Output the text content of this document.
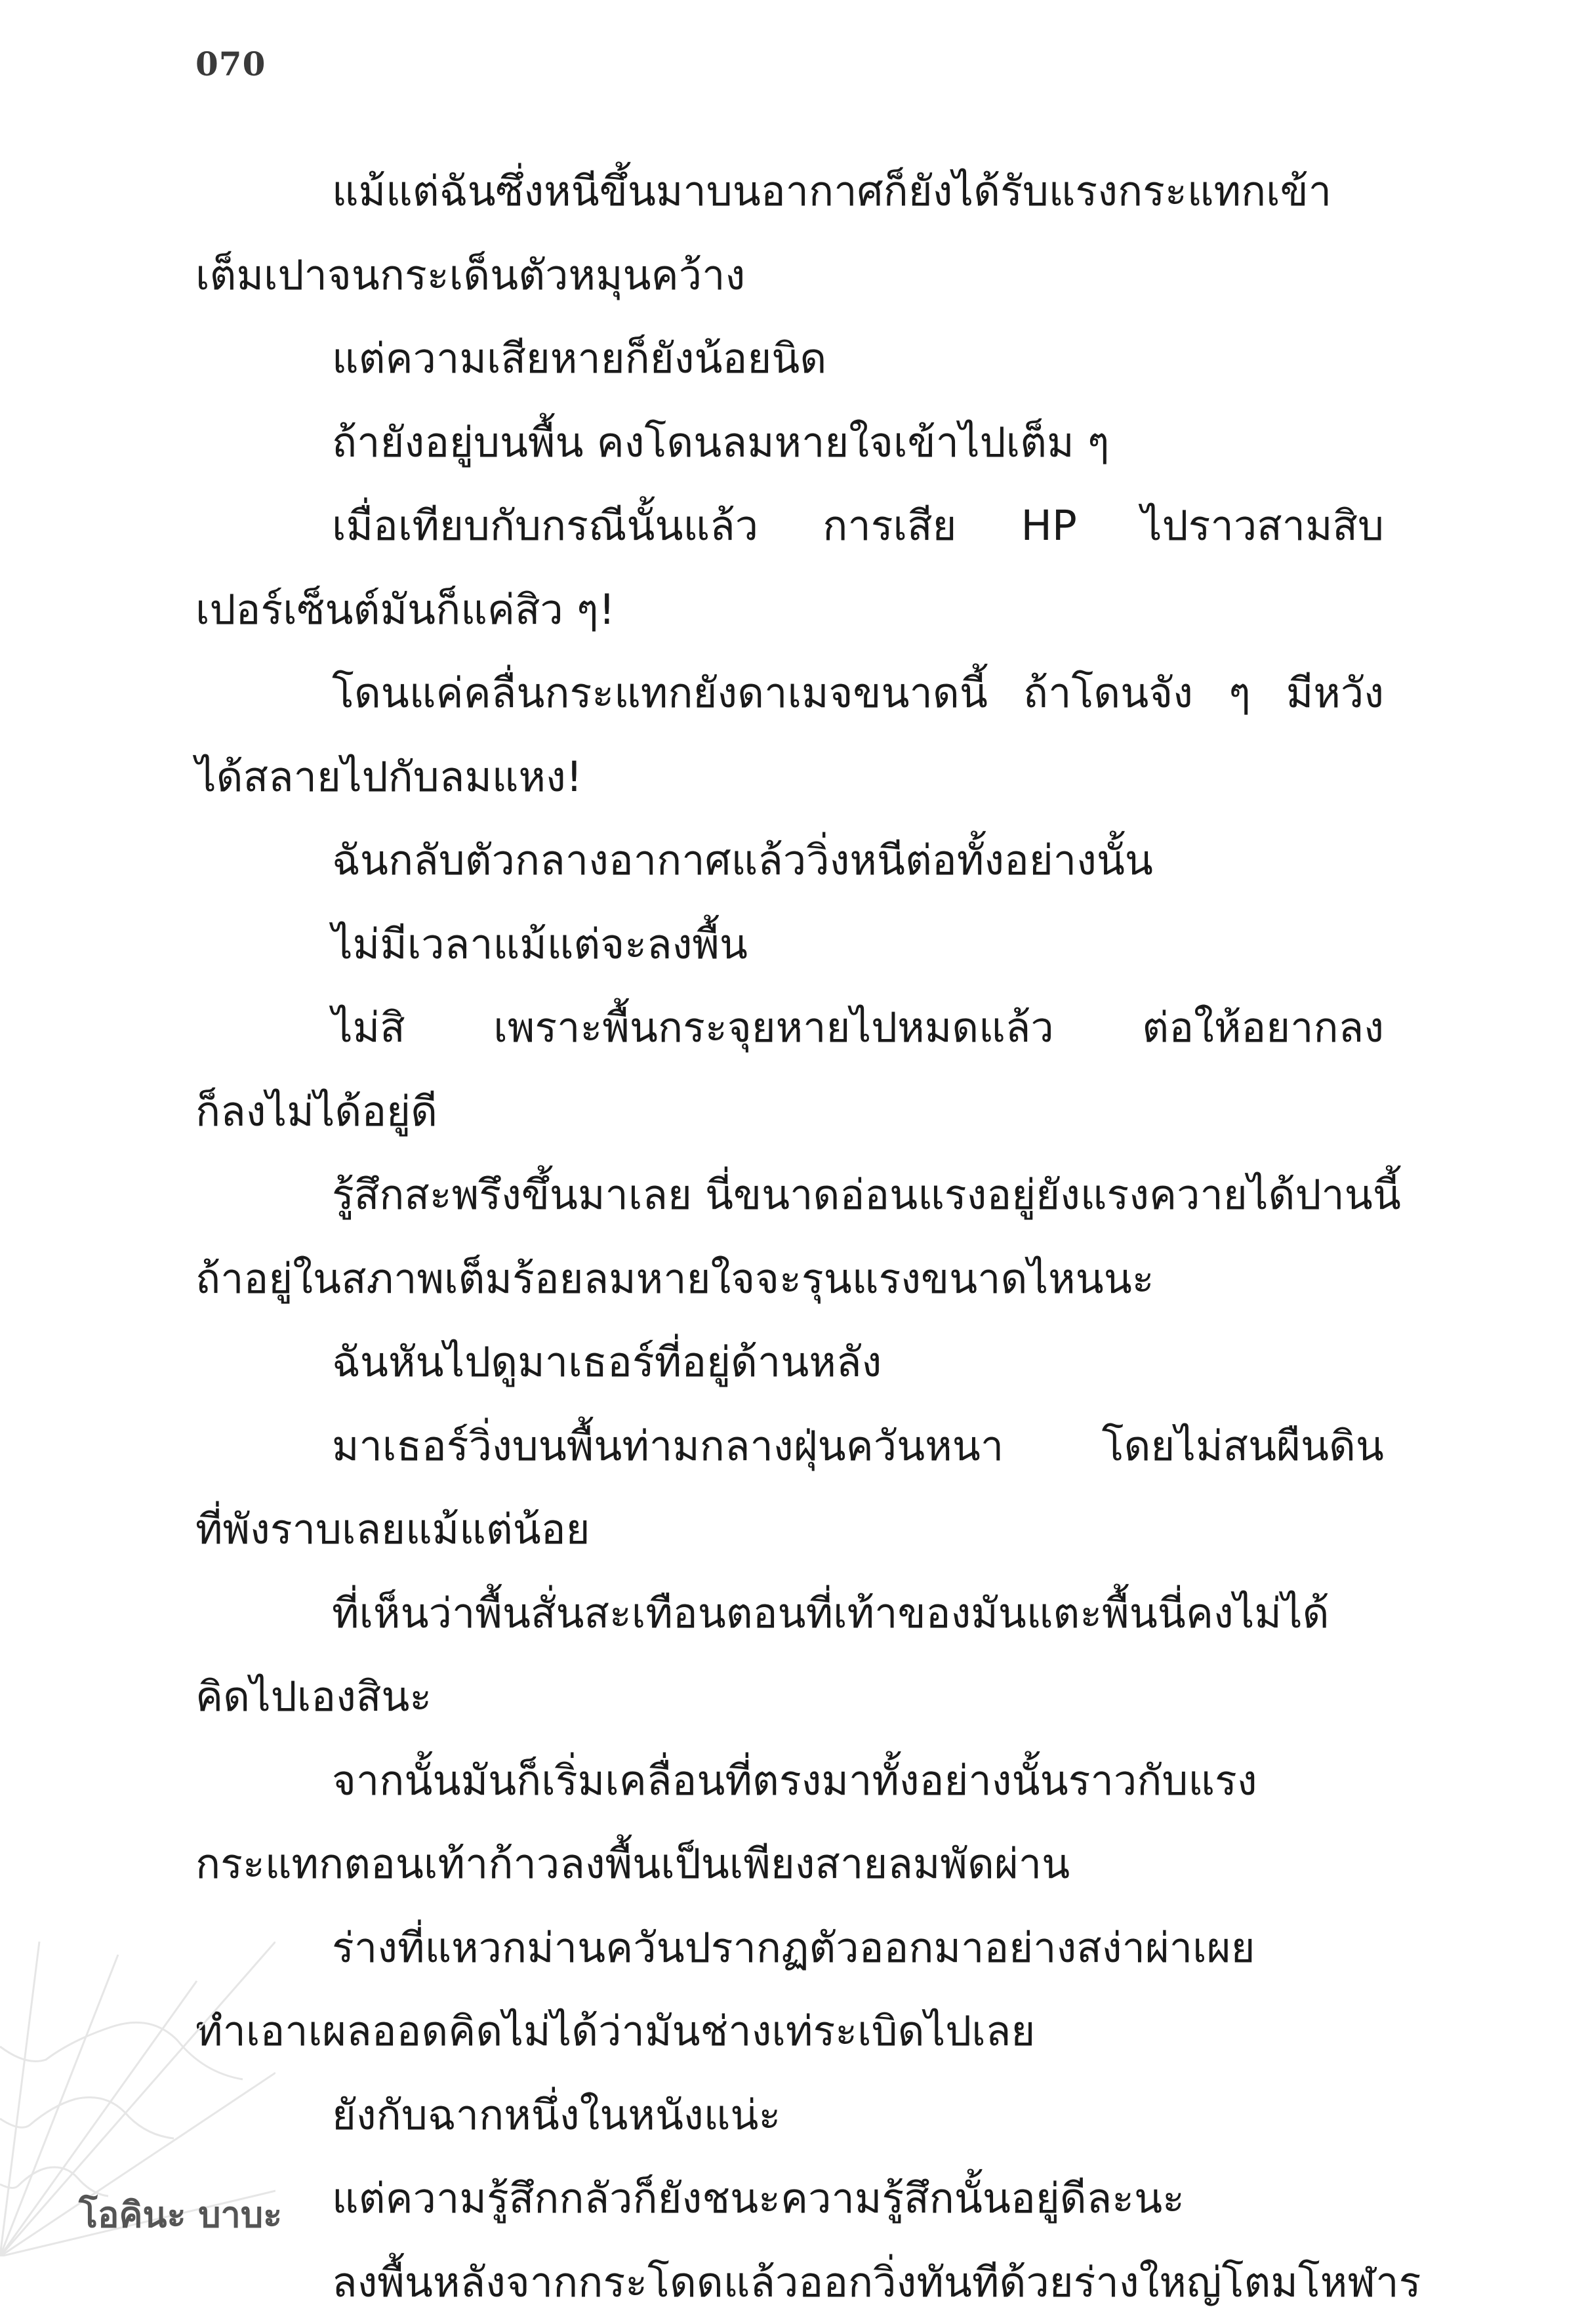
070
แม้แต่ฉันซึ่งหนีขึ้นมาบนอากาศก็ยังได้รับแรงกระแทกเข้า
เต็มเปาจนกระเด็นตัวหมุนคว้าง
แต่ความเสียหายก็ยังน้อยนิด
ถ้ายังอยู่บนพื้น คงโดนลมหายใจเข้าไปเต็ม ๆ
เมื่อเทียบกับกรณีนั้นแล้ว การเสีย HP ไปราวสามสิบ
เปอร์เซ็นต์มันก็แค่สิว ๆ!
โดนแค่คลื่นกระแทกยังดาเมจขนาดนี้ ถ้าโดนจัง ๆ มีหวัง
ได้สลายไปกับลมแหง!
ฉันกลับตัวกลางอากาศแล้ววิ่งหนีต่อทั้งอย่างนั้น
ไม่มีเวลาแม้แต่จะลงพื้น
ไม่สิ เพราะพื้นกระจุยหายไปหมดแล้ว ต่อให้อยากลง
ก็ลงไม่ได้อยู่ดี
รู้สึกสะพรึงขึ้นมาเลย นี่ขนาดอ่อนแรงอยู่ยังแรงควายได้ปานนี้
ถ้าอยู่ในสภาพเต็มร้อยลมหายใจจะรุนแรงขนาดไหนนะ
ฉันหันไปดูมาเธอร์ที่อยู่ด้านหลัง
มาเธอร์วิ่งบนพื้นท่ามกลางฝุ่นควันหนา โดยไม่สนผืนดิน
ที่พังราบเลยแม้แต่น้อย
ที่เห็นว่าพื้นสั่นสะเทือนตอนที่เท้าของมันแตะพื้นนี่คงไม่ได้
คิดไปเองสินะ
จากนั้นมันก็เริ่มเคลื่อนที่ตรงมาทั้งอย่างนั้นราวกับแรง
กระแทกตอนเท้าก้าวลงพื้นเป็นเพียงสายลมพัดผ่าน
ร่างที่แหวกม่านควันปรากฏตัวออกมาอย่างสง่าผ่าเผย
ทำเอาเผลออดคิดไม่ได้ว่ามันช่างเท่ระเบิดไปเลย
ยังกับฉากหนึ่งในหนังแน่ะ
แต่ความรู้สึกกลัวก็ยังชนะความรู้สึกนั้นอยู่ดีละนะ
ลงพื้นหลังจากกระโดดแล้วออกวิ่งทันทีด้วยร่างใหญ่โตมโหฬาร
โอคินะ บาบะ
